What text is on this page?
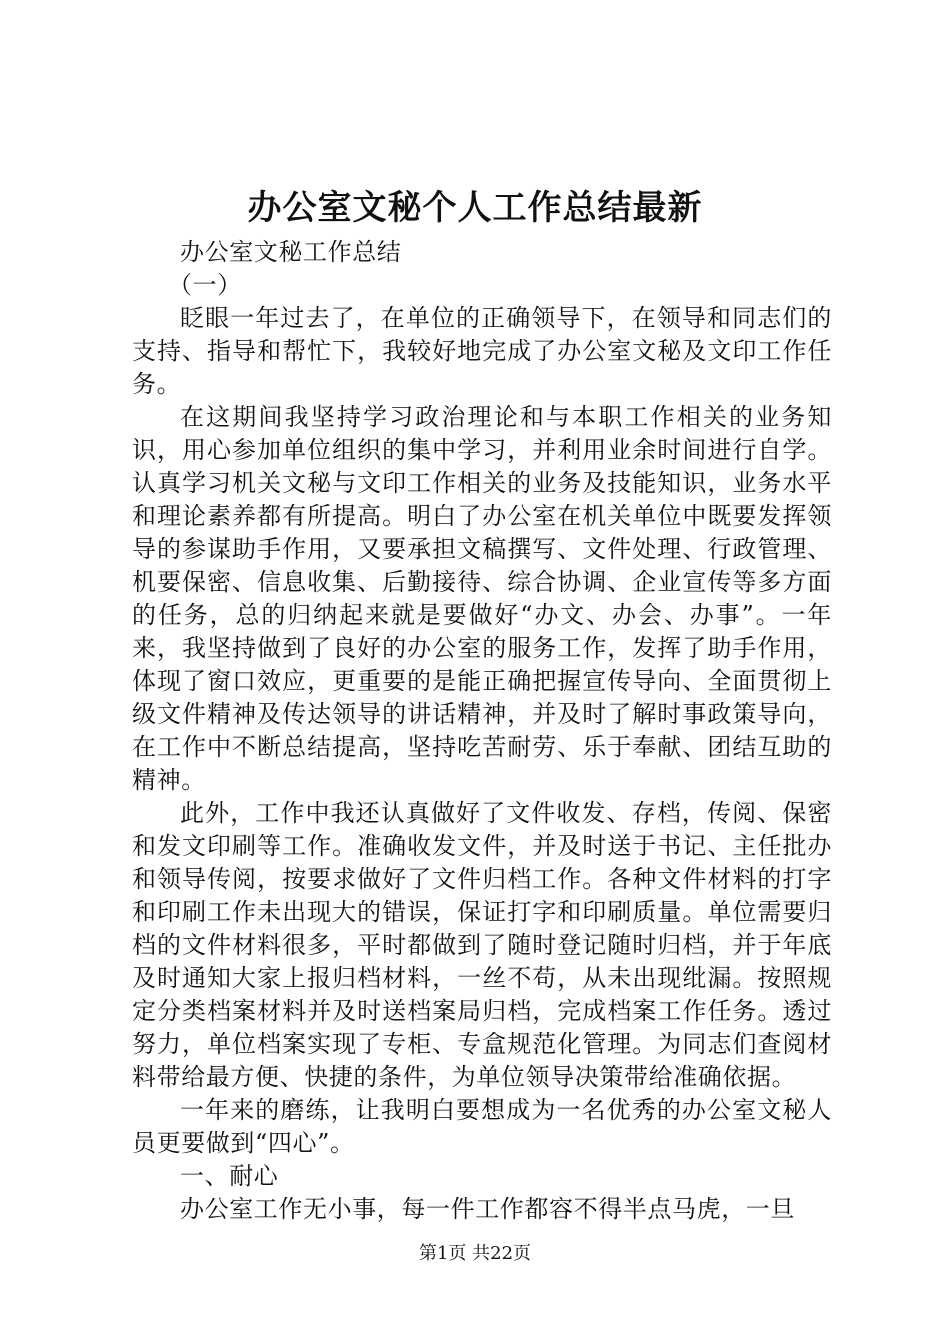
办公室文秘个人工作总结最新

办公室文秘工作总结

（一）

眨眼一年过去了，在单位的正确领导下，在领导和同志们的支持、指导和帮忙下，我较好地完成了办公室文秘及文印工作任务。

在这期间我坚持学习政治理论和与本职工作相关的业务知识，用心参加单位组织的集中学习，并利用业余时间进行自学。认真学习机关文秘与文印工作相关的业务及技能知识，业务水平和理论素养都有所提高。明白了办公室在机关单位中既要发挥领导的参谋助手作用，又要承担文稿撰写、文件处理、行政管理、机要保密、信息收集、后勤接待、综合协调、企业宣传等多方面的任务，总的归纳起来就是要做好“办文、办会、办事”。一年来，我坚持做到了良好的办公室的服务工作，发挥了助手作用，体现了窗口效应，更重要的是能正确把握宣传导向、全面贯彻上级文件精神及传达领导的讲话精神，并及时了解时事政策导向，在工作中不断总结提高，坚持吃苦耐劳、乐于奉献、团结互助的精神。

此外，工作中我还认真做好了文件收发、存档，传阅、保密和发文印刷等工作。准确收发文件，并及时送于书记、主任批办和领导传阅，按要求做好了文件归档工作。各种文件材料的打字和印刷工作未出现大的错误，保证打字和印刷质量。单位需要归档的文件材料很多，平时都做到了随时登记随时归档，并于年底及时通知大家上报归档材料，一丝不苟，从未出现纰漏。按照规定分类档案材料并及时送档案局归档，完成档案工作任务。透过努力，单位档案实现了专柜、专盒规范化管理。为同志们查阅材料带给最方便、快捷的条件，为单位领导决策带给准确依据。

一年来的磨练，让我明白要想成为一名优秀的办公室文秘人员更要做到“四心”。

一、耐心

办公室工作无小事，每一件工作都容不得半点马虎，一旦

第1页 共22页
